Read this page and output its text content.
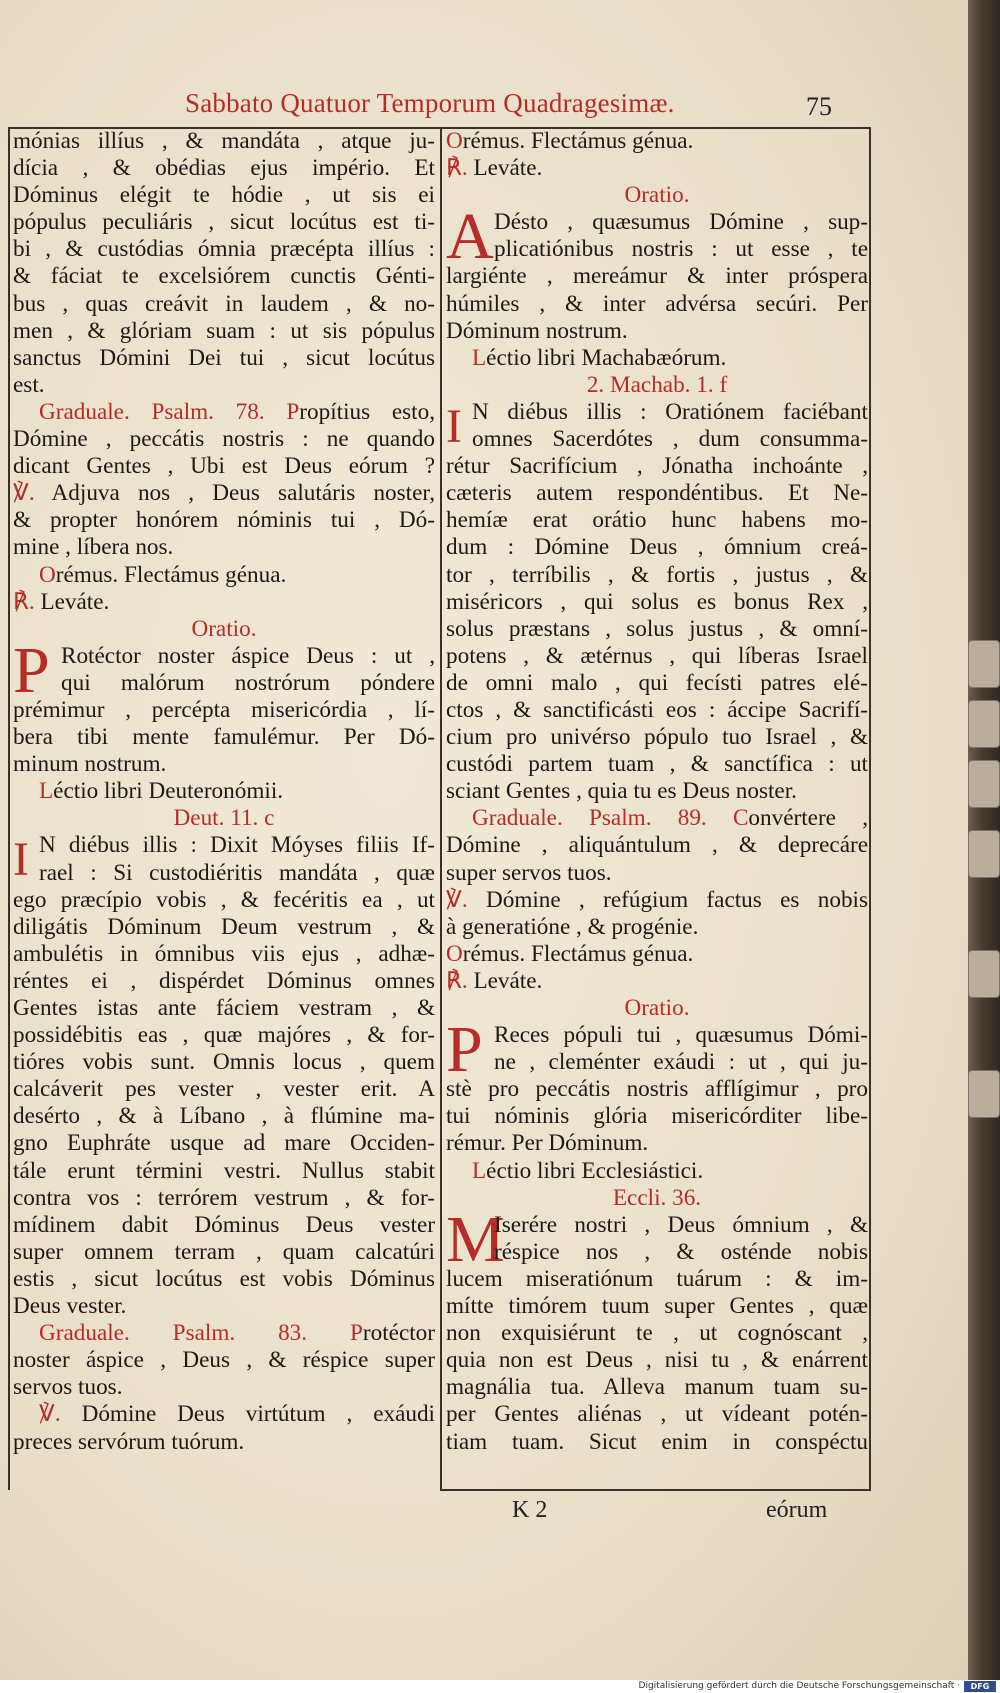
Sabbato Quatuor Temporum Quadragesimæ.	75
mónias illíus , & mandáta , atque ju-
dícia , & obédias ejus império. Et
Dóminus elégit te hódie , ut sis ei
pópulus peculiáris , sicut locútus est ti-
bi , & custódias ómnia præcépta illíus :
& fáciat te excelsiórem cunctis Génti-
bus , quas creávit in laudem , & no-
men , & glóriam suam : ut sis pópulus
sanctus Dómini Dei tui , sicut locútus
est.
Graduale. Psalm. 78. Propítius esto,
Dómine , peccátis nostris : ne quando
dicant Gentes , Ubi est Deus eórum ?
℣. Adjuva nos , Deus salutáris noster,
& propter honórem nóminis tui , Dó-
mine , líbera nos.
Orémus. Flectámus génua.
℟. Leváte.
Oratio.
P Rotéctor noster áspice Deus : ut ,
qui malórum nostrórum póndere
prémimur , percépta misericórdia , lí-
bera tibi mente famulémur. Per Dó-
minum nostrum.
Léctio libri Deuteronómii.
Deut. 11. c
I N diébus illis : Dixit Móyses filiis If-
rael : Si custodiéritis mandáta , quæ
ego præcípio vobis , & fecéritis ea , ut
diligátis Dóminum Deum vestrum , &
ambulétis in ómnibus viis ejus , adhæ-
réntes ei , dispérdet Dóminus omnes
Gentes istas ante fáciem vestram , &
possidébitis eas , quæ majóres , & for-
tióres vobis sunt. Omnis locus , quem
calcáverit pes vester , vester erit. A
desérto , & à Líbano , à flúmine ma-
gno Euphráte usque ad mare Occiden-
tále erunt términi vestri. Nullus stabit
contra vos : terrórem vestrum , & for-
mídinem dabit Dóminus Deus vester
super omnem terram , quam calcatúri
estis , sicut locútus est vobis Dóminus
Deus vester.
Graduale. Psalm. 83. Protéctor
noster áspice , Deus , & réspice super
servos tuos.
℣. Dómine Deus virtútum , exáudi
preces servórum tuórum.
Orémus. Flectámus génua.
℟. Leváte.
Oratio.
A Désto , quæsumus Dómine , sup-
plicatiónibus nostris : ut esse , te
largiénte , mereámur & inter próspera
húmiles , & inter advérsa secúri. Per
Dóminum nostrum.
Léctio libri Machabæórum.
2. Machab. 1. f
I N diébus illis : Oratiónem faciébant
omnes Sacerdótes , dum consumma-
rétur Sacrifícium , Jónatha inchoánte ,
cæteris autem respondéntibus. Et Ne-
hemíæ erat orátio hunc habens mo-
dum : Dómine Deus , ómnium creá-
tor , terríbilis , & fortis , justus , &
miséricors , qui solus es bonus Rex ,
solus præstans , solus justus , & omní-
potens , & ætérnus , qui líberas Israel
de omni malo , qui fecísti patres elé-
ctos , & sanctificásti eos : áccipe Sacrifí-
cium pro univérso pópulo tuo Israel , &
custódi partem tuam , & sanctífica : ut
sciant Gentes , quia tu es Deus noster.
Graduale. Psalm. 89. Convértere ,
Dómine , aliquántulum , & deprecáre
super servos tuos.
℣. Dómine , refúgium factus es nobis
à generatióne , & progénie.
Orémus. Flectámus génua.
℟. Leváte.
Oratio.
P Reces pópuli tui , quæsumus Dómi-
ne , cleménter exáudi : ut , qui ju-
stè pro peccátis nostris afflígimur , pro
tui nóminis glória misericórditer libe-
rémur. Per Dóminum.
Léctio libri Ecclesiástici.
Eccli. 36.
M
Iserére nostri , Deus ómnium , &
réspice nos , & osténde nobis
lucem miseratiónum tuárum : & im-
mítte timórem tuum super Gentes , quæ
non exquisiérunt te , ut cognóscant ,
quia non est Deus , nisi tu , & enárrent
magnália tua. Alleva manum tuam su-
per Gentes aliénas , ut vídeant potén-
tiam tuam. Sicut enim in conspéctu
K 2	eórum
Digitalisierung gefördert durch die Deutsche Forschungsgemeinschaft ·	DFG
